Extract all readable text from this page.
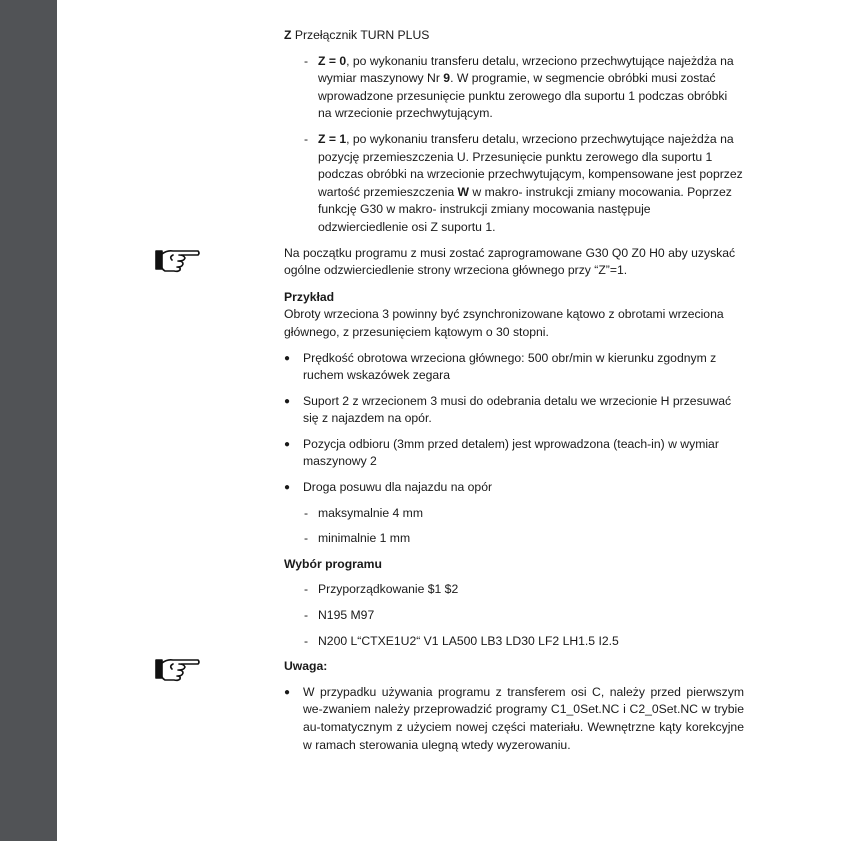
Z Przełącznik TURN PLUS

- Z = 0, po wykonaniu transferu detalu, wrzeciono przechwytujące najeżdża na wymiar maszynowy Nr 9. W programie, w segmencie obróbki musi zostać wprowadzone przesunięcie punktu zerowego dla suportu 1 podczas obróbki na wrzecionie przechwytującym.
- Z = 1, po wykonaniu transferu detalu, wrzeciono przechwytujące najeżdża na pozycję przemieszczenia U. Przesunięcie punktu zerowego dla suportu 1 podczas obróbki na wrzecionie przechwytującym, kompensowane jest poprzez wartość przemieszczenia W w makro- instrukcji zmiany mocowania. Poprzez funkcję G30 w makro- instrukcji zmiany mocowania następuje odzwierciedlenie osi Z suportu 1.

Na początku programu z musi zostać zaprogramowane G30 Q0 Z0 H0 aby uzyskać ogólne odzwierciedlenie strony wrzeciona głównego przy “Z”=1.

Przykład

Obroty wrzeciona 3 powinny być zsynchronizowane kątowo z obrotami wrzeciona głównego, z przesunięciem kątowym o 30 stopni.

● Prędkość obrotowa wrzeciona głównego: 500 obr/min w kierunku zgodnym z ruchem wskazówek zegara
● Suport 2 z wrzecionem 3 musi do odebrania detalu we wrzecionie H przesuwać się z najazdem na opór.
● Pozycja odbioru (3mm przed detalem) jest wprowadzona (teach-in) w wymiar maszynowy 2
● Droga posuwu dla najazdu na opór
- maksymalnie 4 mm
- minimalnie 1 mm

Wybór programu

- Przyporządkowanie $1 $2
- N195 M97
- N200 L“CTXE1U2“ V1 LA500 LB3 LD30 LF2 LH1.5 I2.5

Uwaga:

● W przypadku używania programu z transferem osi C, należy przed pierwszym we-zwaniem należy przeprowadzić programy C1_0Set.NC i C2_0Set.NC w trybie au-tomatycznym z użyciem nowej części materiału. Wewnętrzne kąty korekcyjne w ramach sterowania ulegną wtedy wyzerowaniu.
